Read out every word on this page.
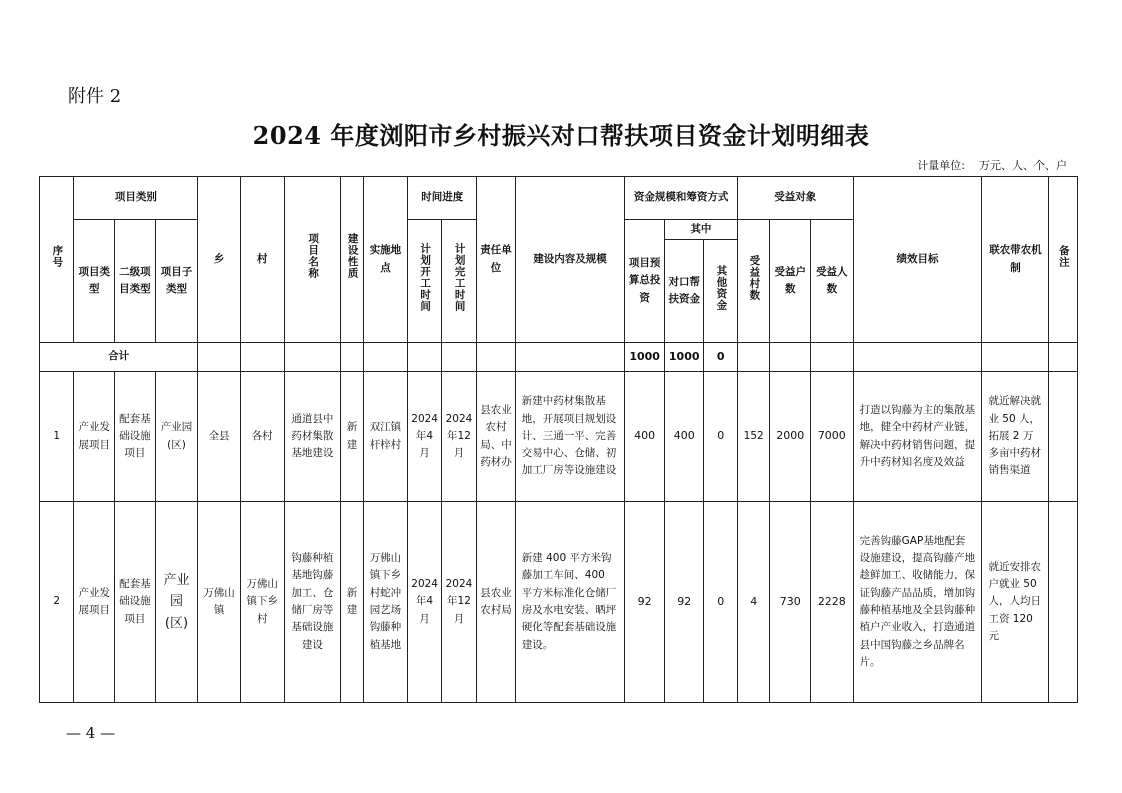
附件 2
2024 年度浏阳市乡村振兴对口帮扶项目资金计划明细表
计量单位: 万元、人、个、户
序号	项目类别			乡	村	项目名称	建设性质	实施地点	时间进度		责任单位	建设内容及规模	资金规模和筹资方式			受益对象			绩效目标	联农带农机制	备注
	项目类型	二级项目类型	项目子类型						计划开工时间	计划完工时间			项目预算总投资	其中		受益村数	受益户数	受益人数			
														对口帮扶资金	其他资金						
合计													1000	1000	0						
1	产业发展项目	配套基础设施项目	产业园(区)	全县	各村	通道县中药材集散基地建设	新建	双江镇杆梓村	2024年4月	2024年12月	县农业农村局、中药材办	新建中药材集散基地，开展项目规划设计、三通一平、完善交易中心、仓储、初加工厂房等设施建设	400	400	0	152	2000	7000	打造以钩藤为主的集散基地，健全中药材产业链，解决中药材销售问题，提升中药材知名度及效益	就近解决就业 50 人，拓展 2 万多亩中药材销售渠道	
2	产业发展项目	配套基础设施项目	产业园(区)	万佛山镇	万佛山镇下乡村	钩藤种植基地钩藤加工、仓储厂房等基础设施建设	新建	万佛山镇下乡村蛇冲园艺场钩藤种植基地	2024年4月	2024年12月	县农业农村局	新建 400 平方米钩藤加工车间、400 平方米标准化仓储厂房及水电安装、晒坪硬化等配套基础设施建设。	92	92	0	4	730	2228	完善钩藤GAP基地配套设施建设，提高钩藤产地趁鲜加工、收储能力，保证钩藤产品品质，增加钩藤种植基地及全县钩藤种植户产业收入，打造通道县中国钩藤之乡品牌名片。	就近安排农户就业 50 人，人均日工资 120 元	
— 4 —
